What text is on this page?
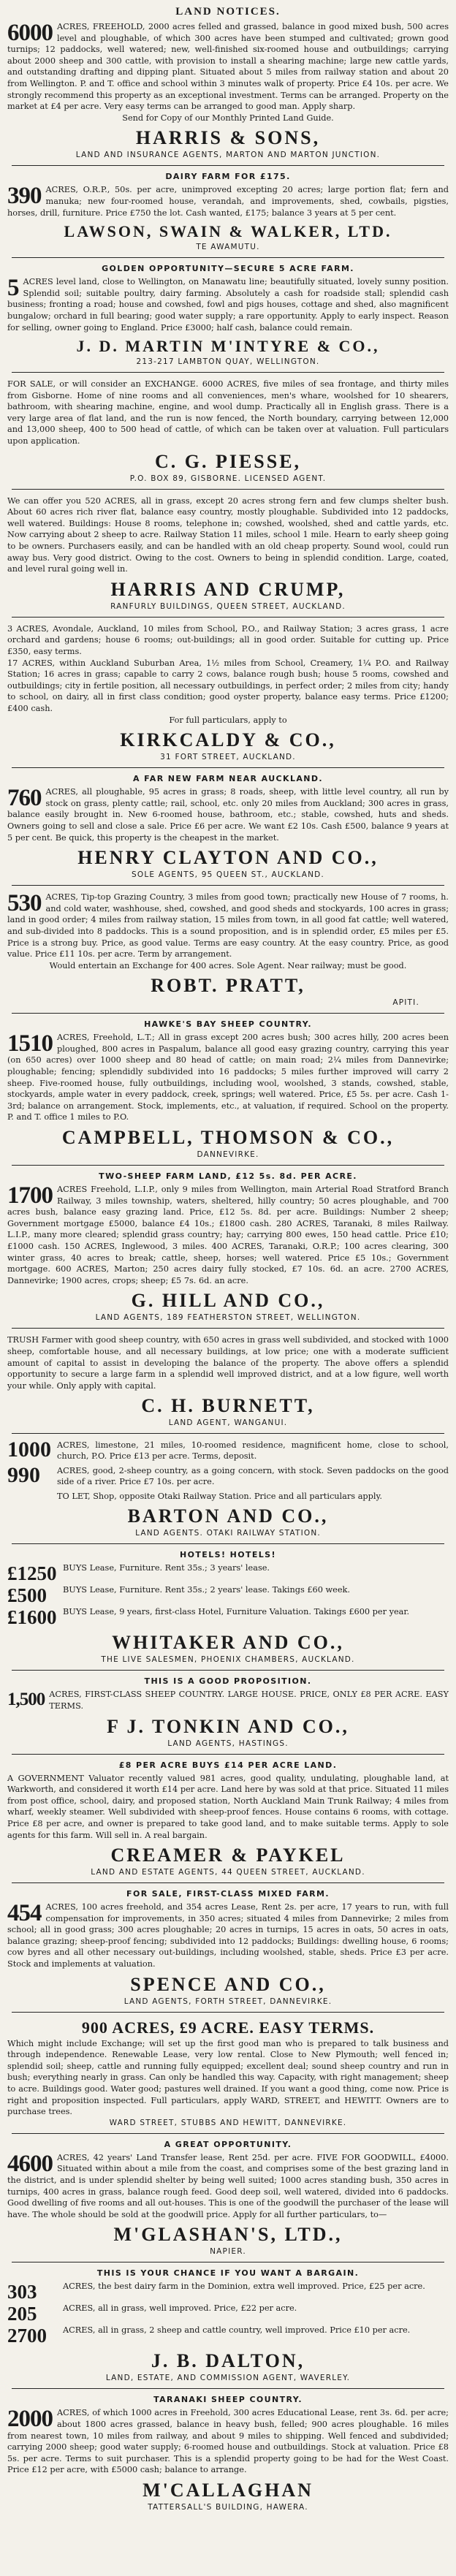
LAND NOTICES.
6000 ACRES, FREEHOLD, 2000 acres felled and grassed, balance in good mixed bush, 500 acres level and ploughable, of which 300 acres have been stumped and cultivated; grown good turnips; 12 paddocks, well watered; new, well-finished six-roomed house and outbuildings; carrying about 2000 sheep and 300 cattle, with provision to install a shearing machine; large new cattle yards, and outstanding drafting and dipping plant. Situated about 5 miles from railway station and about 20 from Wellington. P. and T. office and school within 3 minutes walk of property. Price £4 10s. per acre. We strongly recommend this property as an exceptional investment. Terms can be arranged. Property on the market at £4 per acre. Very easy terms can be arranged to good man. Apply sharp.
Send for Copy of our Monthly Printed Land Guide.
HARRIS & SONS,
LAND AND INSURANCE AGENTS, MARTON AND MARTON JUNCTION.
DAIRY FARM FOR £175.
390 ACRES, O.R.P., 50s. per acre, unimproved excepting 20 acres; large portion flat; fern and manuka; new four-roomed house, verandah, and improvements, shed, cowbails, pigsties, horses, drill, furniture. Price £750 the lot. Cash wanted, £175; balance 3 years at 5 per cent.
LAWSON, SWAIN & WALKER, LTD.
TE AWAMUTU.
GOLDEN OPPORTUNITY—SECURE 5 ACRE FARM.
5 ACRES level land, close to Wellington, on Manawatu line; beautifully situated, lovely sunny position. Splendid soil; suitable poultry, dairy farming. Absolutely a cash for roadside stall; splendid cash business; fronting a road; house and cowshed, fowl and pigs houses, cottage and shed, also magnificent bungalow; orchard in full bearing; good water supply; a rare opportunity. Apply to early inspect. Reason for selling, owner going to England. Price £3000; half cash, balance could remain.
J. D. MARTIN M'INTYRE & CO.,
213-217 LAMBTON QUAY, WELLINGTON.
FOR SALE, or will consider an EXCHANGE. 6000 ACRES, five miles of sea frontage, and thirty miles from Gisborne. Home of nine rooms and all conveniences, men's whare, woolshed for 10 shearers, bathroom, with shearing machine, engine, and wool dump. Practically all in English grass. There is a very large area of flat land, and the run is now fenced, the North boundary, carrying between 12,000 and 13,000 sheep, 400 to 500 head of cattle, of which can be taken over at valuation. Full particulars upon application.
C. G. PIESSE,
P.O. BOX 89, GISBORNE. LICENSED AGENT.
We can offer you 520 ACRES, all in grass, except 20 acres strong fern and few clumps shelter bush. About 60 acres rich river flat, balance easy country, mostly ploughable. Subdivided into 12 paddocks, well watered. Buildings: House 8 rooms, telephone in; cowshed, woolshed, shed and cattle yards, etc. Now carrying about 2 sheep to acre. Railway Station 11 miles, school 1 mile. Hearn to early sheep going to be owners. Purchasers easily, and can be handled with an old cheap property. Sound wool, could run away bus. Very good district. Owing to the cost. Owners to being in splendid condition. Large, coated, and level rural going well in.
HARRIS AND CRUMP,
RANFURLY BUILDINGS, QUEEN STREET, AUCKLAND.
3 ACRES, Avondale, Auckland, 10 miles from School, P.O., and Railway Station; 3 acres grass, 1 acre orchard and gardens; house 6 rooms; out-buildings; all in good order. Suitable for cutting up. Price £350, easy terms.
17 ACRES, within Auckland Suburban Area, 1½ miles from School, Creamery, 1¼ P.O. and Railway Station; 16 acres in grass; capable to carry 2 cows, balance rough bush; house 5 rooms, cowshed and outbuildings; city in fertile position, all necessary outbuildings, in perfect order; 2 miles from city; handy to school, on dairy, all in first class condition; good oyster property, balance easy terms. Price £1200; £400 cash.
For full particulars, apply to
KIRKCALDY & CO.,
31 FORT STREET, AUCKLAND.
A FAR NEW FARM NEAR AUCKLAND.
760 ACRES, all ploughable, 95 acres in grass; 8 roads, sheep, with little level country, all run by stock on grass, plenty cattle; rail, school, etc. only 20 miles from Auckland; 300 acres in grass, balance easily brought in. New 6-roomed house, bathroom, etc.; stable, cowshed, huts and sheds. Owners going to sell and close a sale. Price £6 per acre. We want £2 10s. Cash £500, balance 9 years at 5 per cent. Be quick, this property is the cheapest in the market.
HENRY CLAYTON AND CO.,
SOLE AGENTS, 95 QUEEN ST., AUCKLAND.
530 ACRES, Tip-top Grazing Country, 3 miles from good town; practically new House of 7 rooms, h. and cold water, washhouse, shed, cowshed, and good sheds and stockyards, 100 acres in grass; land in good order; 4 miles from railway station, 15 miles from town, in all good fat cattle; well watered, and sub-divided into 8 paddocks. This is a sound proposition, and is in splendid order, £5 miles per £5. Price is a strong buy. Price, as good value. Terms are easy country. At the easy country. Price, as good value. Price £11 10s. per acre. Term by arrangement.
Would entertain an Exchange for 400 acres. Sole Agent. Near railway; must be good.
ROBT. PRATT,
APITI.
HAWKE'S BAY SHEEP COUNTRY.
1510 ACRES, Freehold, L.T.; All in grass except 200 acres bush; 300 acres hilly, 200 acres been ploughed, 800 acres in Paspalum, balance all good easy grazing country, carrying this year (on 650 acres) over 1000 sheep and 80 head of cattle; on main road; 2¼ miles from Dannevirke; ploughable; fencing; splendidly subdivided into 16 paddocks; 5 miles further improved will carry 2 sheep. Five-roomed house, fully outbuildings, including wool, woolshed, 3 stands, cowshed, stable, stockyards, ample water in every paddock, creek, springs; well watered. Price, £5 5s. per acre. Cash 1-3rd; balance on arrangement. Stock, implements, etc., at valuation, if required. School on the property. P. and T. office 1 miles to P.O.
CAMPBELL, THOMSON & CO.,
DANNEVIRKE.
TWO-SHEEP FARM LAND, £12 5s. 8d. PER ACRE.
1700 ACRES Freehold, L.I.P., only 9 miles from Wellington, main Arterial Road Stratford Branch Railway, 3 miles township, waters, sheltered, hilly country; 50 acres ploughable, and 700 acres bush, balance easy grazing land. Price, £12 5s. 8d. per acre. Buildings: Number 2 sheep; Government mortgage £5000, balance £4 10s.; £1800 cash. 280 ACRES, Taranaki, 8 miles Railway. L.I.P., many more cleared; splendid grass country; hay; carrying 800 ewes, 150 head cattle. Price £10; £1000 cash. 150 ACRES, Inglewood, 3 miles. 400 ACRES, Taranaki, O.R.P.; 100 acres clearing, 300 winter grass, 40 acres to break; cattle, sheep, horses; well watered. Price £5 10s.; Government mortgage. 600 ACRES, Marton; 250 acres dairy fully stocked, £7 10s. 6d. an acre. 2700 ACRES, Dannevirke; 1900 acres, crops; sheep; £5 7s. 6d. an acre.
G. HILL AND CO.,
LAND AGENTS, 189 FEATHERSTON STREET, WELLINGTON.
TRUSH Farmer with good sheep country, with 650 acres in grass well subdivided, and stocked with 1000 sheep, comfortable house, and all necessary buildings, at low price; one with a moderate sufficient amount of capital to assist in developing the balance of the property. The above offers a splendid opportunity to secure a large farm in a splendid well improved district, and at a low figure, well worth your while. Only apply with capital.
C. H. BURNETT,
LAND AGENT, WANGANUI.
1000 ACRES, limestone, 21 miles, 10-roomed residence, magnificent home, close to school, church, P.O. Price £13 per acre. Terms, deposit.
990	ACRES, good, 2-sheep country, as a going concern, with stock. Seven paddocks on the good side of a river. Price £7 10s. per acre.
TO LET, Shop, opposite Otaki Railway Station. Price and all particulars apply.
BARTON AND CO.,
LAND AGENTS. OTAKI RAILWAY STATION.
HOTELS! HOTELS!
£1250 BUYS Lease, Furniture. Rent 35s.; 3 years' lease.
£500	BUYS Lease, Furniture. Rent 35s.; 2 years' lease. Takings £60 week.
£1600 BUYS Lease, 9 years, first-class Hotel, Furniture Valuation. Takings £600 per year.
WHITAKER AND CO.,
THE LIVE SALESMEN, PHOENIX CHAMBERS, AUCKLAND.
THIS IS A GOOD PROPOSITION.
1,500 ACRES, FIRST-CLASS SHEEP COUNTRY. LARGE HOUSE. PRICE, ONLY £8 PER ACRE. EASY TERMS.
F J. TONKIN AND CO.,
LAND AGENTS, HASTINGS.
£8 PER ACRE BUYS £14 PER ACRE LAND.
A GOVERNMENT Valuator recently valued 981 acres, good quality, undulating, ploughable land, at Warkworth, and considered it worth £14 per acre. Land here by was sold at that price. Situated 11 miles from post office, school, dairy, and proposed station, North Auckland Main Trunk Railway; 4 miles from wharf, weekly steamer. Well subdivided with sheep-proof fences. House contains 6 rooms, with cottage. Price £8 per acre, and owner is prepared to take good land, and to make suitable terms. Apply to sole agents for this farm. Will sell in. A real bargain.
CREAMER & PAYKEL
LAND AND ESTATE AGENTS, 44 QUEEN STREET, AUCKLAND.
FOR SALE, FIRST-CLASS MIXED FARM.
454 ACRES, 100 acres freehold, and 354 acres Lease, Rent 2s. per acre, 17 years to run, with full compensation for improvements, in 350 acres; situated 4 miles from Dannevirke; 2 miles from school; all in good grass; 300 acres ploughable; 20 acres in turnips, 15 acres in oats, 50 acres in oats, balance grazing; sheep-proof fencing; subdivided into 12 paddocks; Buildings: dwelling house, 6 rooms; cow byres and all other necessary out-buildings, including woolshed, stable, sheds. Price £3 per acre. Stock and implements at valuation.
SPENCE AND CO.,
LAND AGENTS, FORTH STREET, DANNEVIRKE.
900 ACRES, £9 ACRE. EASY TERMS.
Which might include Exchange; will set up the first good man who is prepared to talk business and through independence. Renewable Lease, very low rental. Close to New Plymouth; well fenced in; splendid soil; sheep, cattle and running fully equipped; excellent deal; sound sheep country and run in bush; everything nearly in grass. Can only be handled this way. Capacity, with right management; sheep to acre. Buildings good. Water good; pastures well drained. If you want a good thing, come now. Price is right and proposition inspected. Full particulars, apply WARD, STREET, and HEWITT. Owners are to purchase trees.
WARD STREET, STUBBS AND HEWITT, DANNEVIRKE.
A GREAT OPPORTUNITY.
4600 ACRES, 42 years' Land Transfer lease, Rent 25d. per acre. FIVE FOR GOODWILL, £4000. Situated within about a mile from the coast, and comprises some of the best grazing land in the district, and is under splendid shelter by being well suited; 1000 acres standing bush, 350 acres in turnips, 400 acres in grass, balance rough feed. Good deep soil, well watered, divided into 6 paddocks. Good dwelling of five rooms and all out-houses. This is one of the goodwill the purchaser of the lease will have. The whole should be sold at the goodwill price. Apply for all further particulars, to—
M'GLASHAN'S, LTD.,
NAPIER.
THIS IS YOUR CHANCE IF YOU WANT A BARGAIN.
303	ACRES, the best dairy farm in the Dominion, extra well improved. Price, £25 per acre.
205	ACRES, all in grass, well improved. Price, £22 per acre.
2700	ACRES, all in grass, 2 sheep and cattle country, well improved. Price £10 per acre.
J. B. DALTON,
LAND, ESTATE, AND COMMISSION AGENT, WAVERLEY.
TARANAKI SHEEP COUNTRY.
2000 ACRES, of which 1000 acres in Freehold, 300 acres Educational Lease, rent 3s. 6d. per acre; about 1800 acres grassed, balance in heavy bush, felled; 900 acres ploughable. 16 miles from nearest town, 10 miles from railway, and about 9 miles to shipping. Well fenced and subdivided; carrying 2000 sheep; good water supply; 6-roomed house and outbuildings. Stock at valuation. Price £8 5s. per acre. Terms to suit purchaser. This is a splendid property going to be had for the West Coast. Price £12 per acre, with £5000 cash; balance to arrange.
M'CALLAGHAN
TATTERSALL'S BUILDING, HAWERA.
